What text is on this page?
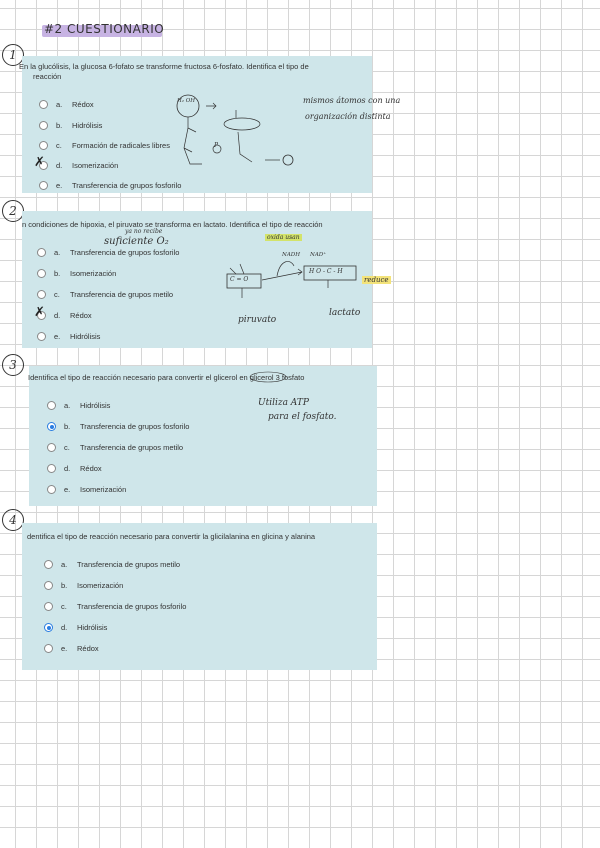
#2 CUESTIONARIO
1
En la glucólisis, la glucosa 6-fofato se transforme fructosa 6-fosfato. Identifica el tipo de
reacción
a.	Rédox
b.	Hidrólisis
c.	Formación de radicales libres
d.	Isomerización
e.	Transferencia de grupos fosforilo
✗
H₂ OH
P
mismos átomos con una
organización distinta
2
n condiciones de hipoxia, el piruvato se transforma en lactato. Identifica el tipo de reacción
a.	Transferencia de grupos fosforilo
b.	Isomerización
c.	Transferencia de grupos metilo
d.	Rédox
e.	Hidrólisis
✗
ya no recibe
suficiente O₂
C = O
H O - C - H
oxida usan
NADH NAD⁺
reduce
piruvato
lactato
3
Identifica el tipo de reacción necesario para convertir el glicerol en glicerol 3 fosfato
a.	Hidrólisis
b.	Transferencia de grupos fosforilo
c.	Transferencia de grupos metilo
d.	Rédox
e.	Isomerización
Utiliza ATP
para el fosfato.
4
dentifica el tipo de reacción necesario para convertir la glicilalanina en glicina y alanina
a.	Transferencia de grupos metilo
b.	Isomerización
c.	Transferencia de grupos fosforilo
d.	Hidrólisis
e.	Rédox
